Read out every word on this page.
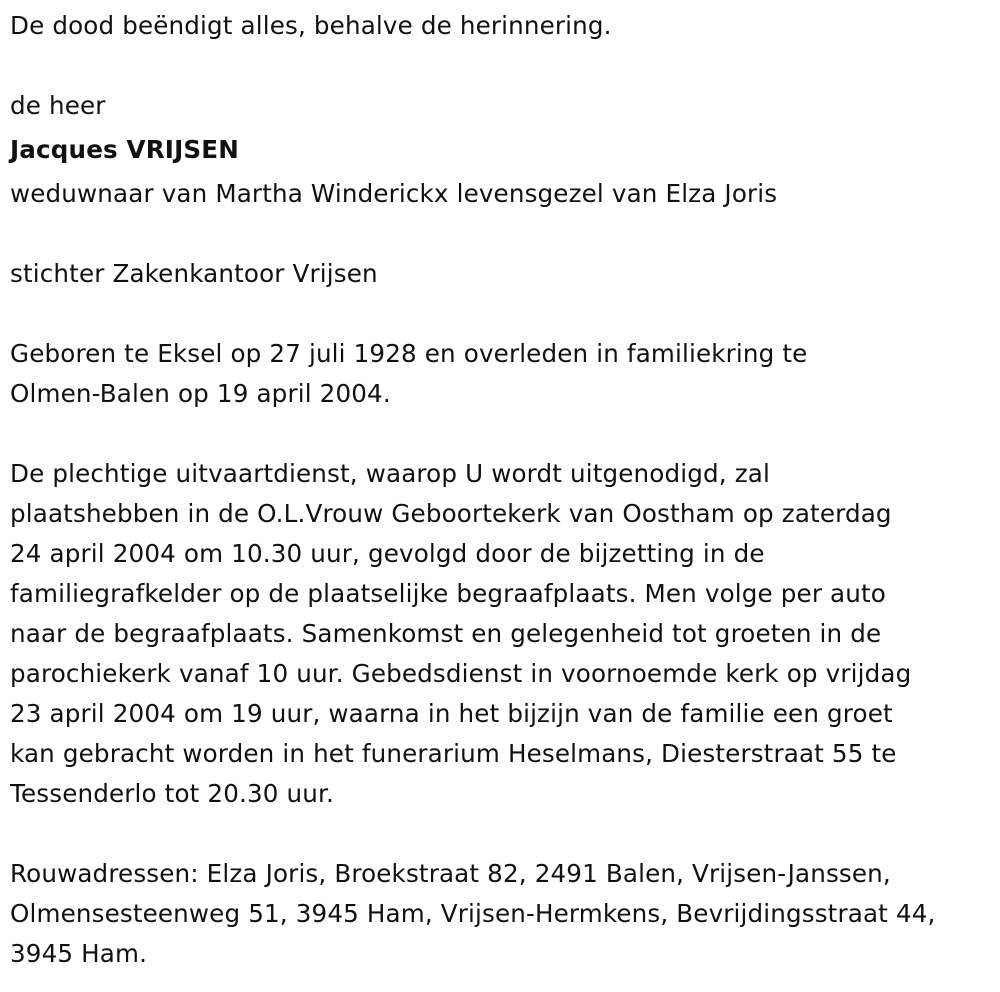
De dood beëndigt alles, behalve de herinnering.
de heer
Jacques VRIJSEN
weduwnaar van Martha Winderickx levensgezel van Elza Joris
stichter Zakenkantoor Vrijsen
Geboren te Eksel op 27 juli 1928 en overleden in familiekring te
Olmen-Balen op 19 april 2004.
De plechtige uitvaartdienst, waarop U wordt uitgenodigd, zal
plaatshebben in de O.L.Vrouw Geboortekerk van Oostham op zaterdag
24 april 2004 om 10.30 uur, gevolgd door de bijzetting in de
familiegrafkelder op de plaatselijke begraafplaats. Men volge per auto
naar de begraafplaats. Samenkomst en gelegenheid tot groeten in de
parochiekerk vanaf 10 uur. Gebedsdienst in voornoemde kerk op vrijdag
23 april 2004 om 19 uur, waarna in het bijzijn van de familie een groet
kan gebracht worden in het funerarium Heselmans, Diesterstraat 55 te
Tessenderlo tot 20.30 uur.
Rouwadressen: Elza Joris, Broekstraat 82, 2491 Balen, Vrijsen-Janssen,
Olmensesteenweg 51, 3945 Ham, Vrijsen-Hermkens, Bevrijdingsstraat 44,
3945 Ham.
